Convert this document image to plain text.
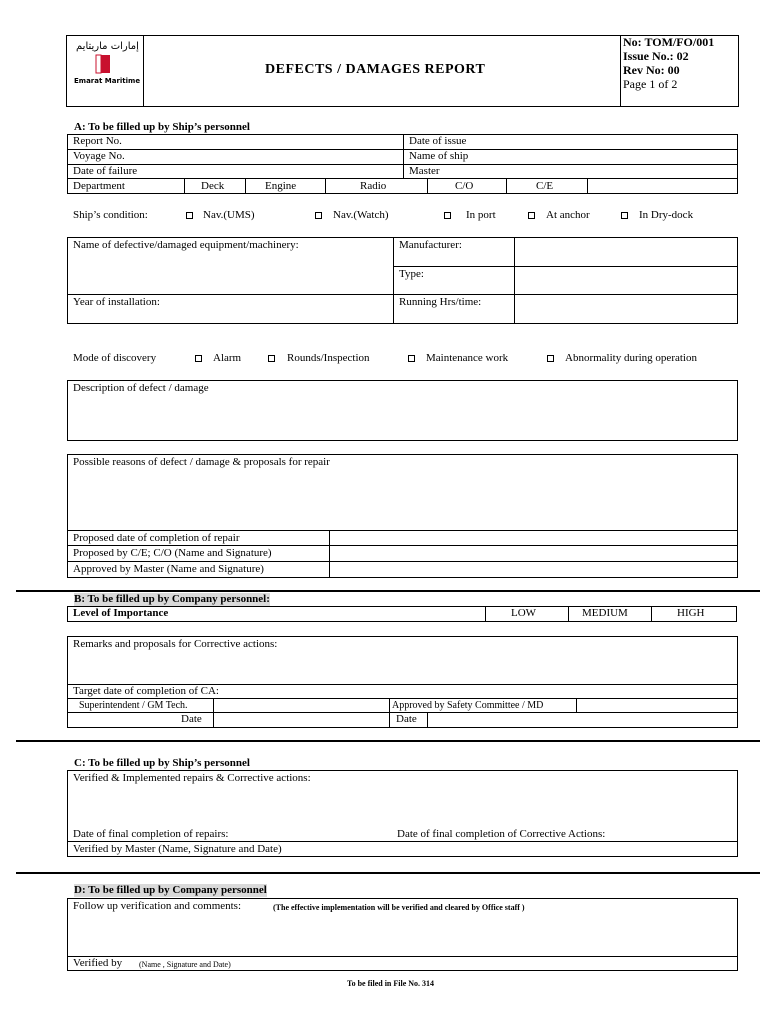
إمارات ماريتايم
Emarat Maritime
DEFECTS / DAMAGES REPORT
No: TOM/FO/001
Issue No.: 02
Rev No: 00
Page 1 of 2
A: To be filled up by Ship’s personnel
Report No.	Date of issue
Voyage No.	Name of ship
Date of failure	Master
Department	Deck	Engine	Radio	C/O	C/E
Ship’s condition:	Nav.(UMS)	Nav.(Watch)	In port	At anchor	In Dry-dock
Name of defective/damaged equipment/machinery:	Manufacturer:
Type:
Year of installation:	Running Hrs/time:
Mode of discovery	Alarm	Rounds/Inspection	Maintenance work	Abnormality during operation
Description of defect / damage
Possible reasons of defect / damage & proposals for repair
Proposed date of completion of repair
Proposed by C/E; C/O (Name and Signature)
Approved by Master (Name and Signature)
B: To be filled up by Company personnel:
Level of Importance	LOW	MEDIUM	HIGH
Remarks and proposals for Corrective actions:
Target date of completion of CA:
Superintendent / GM Tech.	Approved by Safety Committee / MD
Date	Date
C: To be filled up by Ship’s personnel
Verified & Implemented repairs & Corrective actions:
Date of final completion of repairs:	Date of final completion of Corrective Actions:
Verified by Master (Name, Signature and Date)
D: To be filled up by Company personnel
Follow up verification and comments:	(The effective implementation will be verified and cleared by Office staff )
Verified by (Name , Signature and Date)
To be filed in File No. 314
